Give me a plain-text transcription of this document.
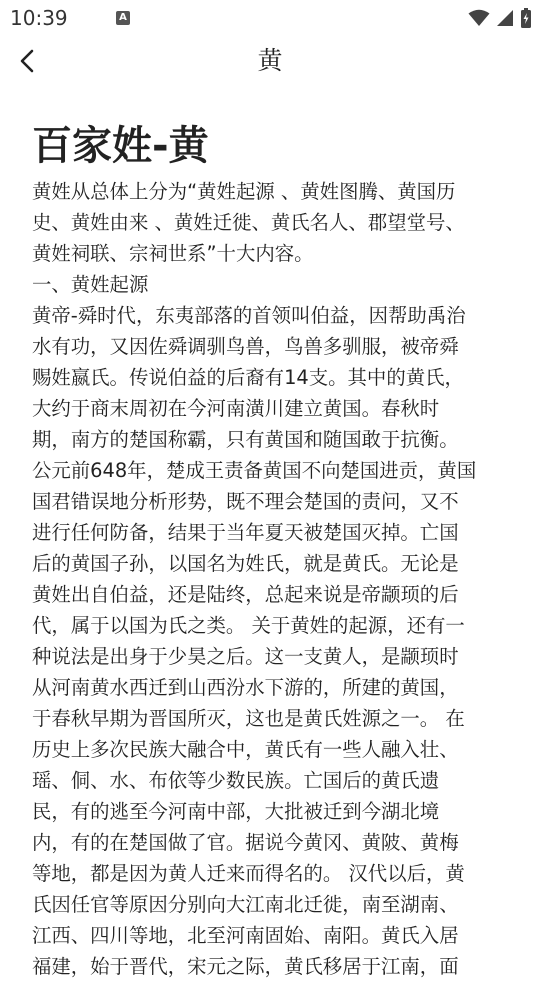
10:39	A
黄
百家姓-黄

黄姓从总体上分为“黄姓起源 、黄姓图腾、黄国历

史、黄姓由来 、黄姓迁徙、黄氏名人、郡望堂号、

黄姓祠联、宗祠世系”十大内容。

一、黄姓起源

黄帝-舜时代，东夷部落的首领叫伯益，因帮助禹治

水有功，又因佐舜调驯鸟兽，鸟兽多驯服，被帝舜

赐姓嬴氏。传说伯益的后裔有14支。其中的黄氏，

大约于商末周初在今河南潢川建立黄国。春秋时

期，南方的楚国称霸，只有黄国和随国敢于抗衡。

公元前648年，楚成王责备黄国不向楚国进贡，黄国

国君错误地分析形势，既不理会楚国的责问，又不

进行任何防备，结果于当年夏天被楚国灭掉。亡国

后的黄国子孙，以国名为姓氏，就是黄氏。无论是

黄姓出自伯益，还是陆终，总起来说是帝颛顼的后

代，属于以国为氏之类。 关于黄姓的起源，还有一

种说法是出身于少昊之后。这一支黄人，是颛顼时

从河南黄水西迁到山西汾水下游的，所建的黄国，

于春秋早期为晋国所灭，这也是黄氏姓源之一。 在

历史上多次民族大融合中，黄氏有一些人融入壮、

瑶、侗、水、布依等少数民族。亡国后的黄氏遗

民，有的逃至今河南中部，大批被迁到今湖北境

内，有的在楚国做了官。据说今黄冈、黄陂、黄梅

等地，都是因为黄人迁来而得名的。 汉代以后，黄

氏因任官等原因分别向大江南北迁徙，南至湖南、

江西、四川等地，北至河南固始、南阳。黄氏入居

福建，始于晋代，宋元之际，黄氏移居于江南，面
